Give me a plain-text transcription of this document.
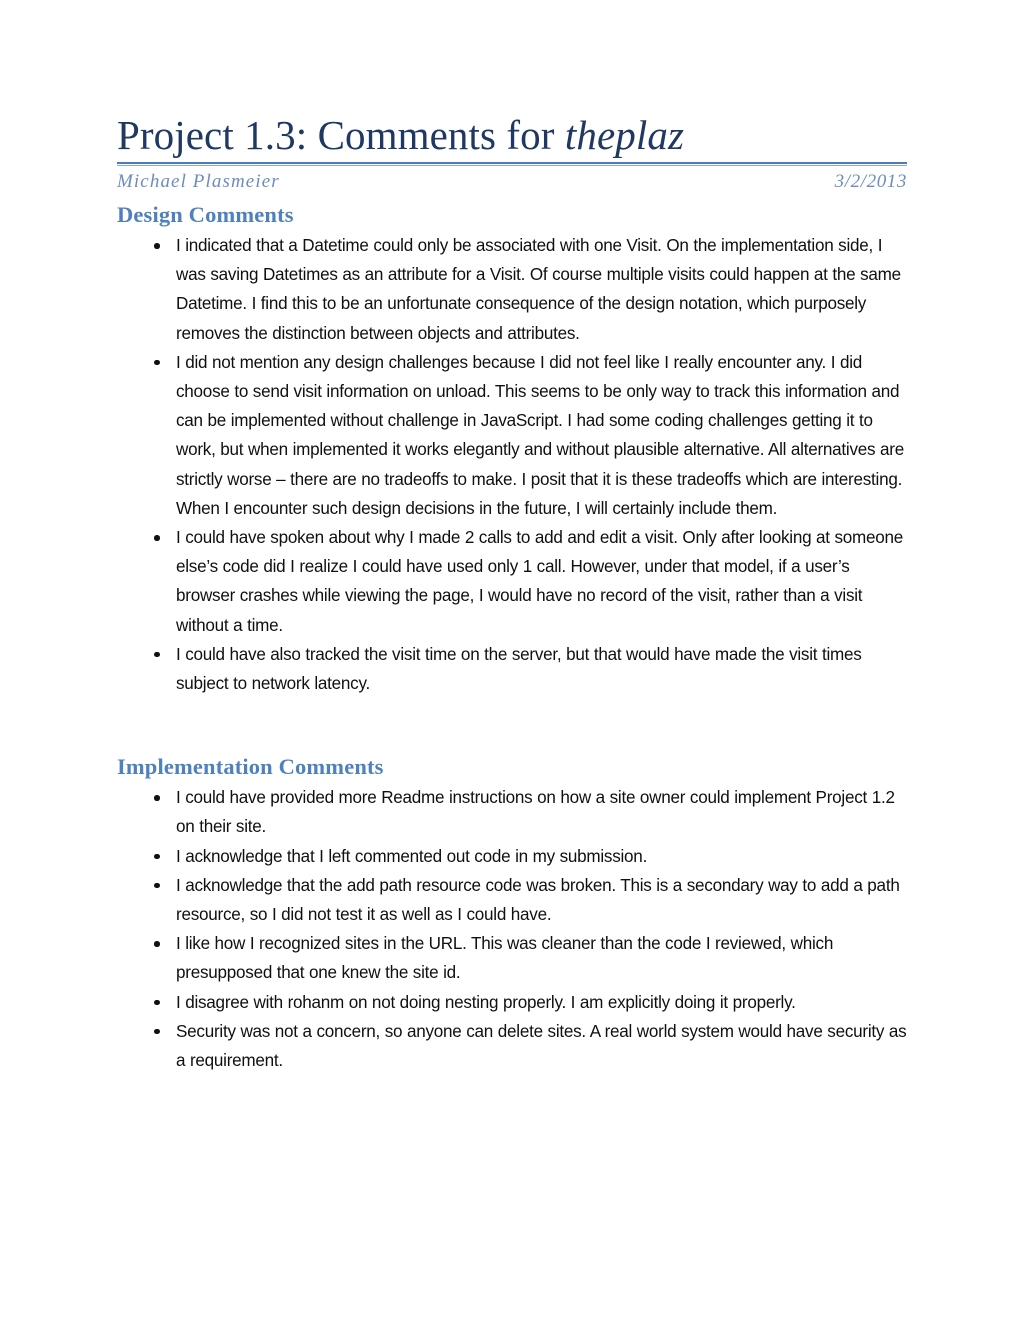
Project 1.3: Comments for theplaz
Michael Plasmeier	3/2/2013
Design Comments
I indicated that a Datetime could only be associated with one Visit. On the implementation side, I was saving Datetimes as an attribute for a Visit. Of course multiple visits could happen at the same Datetime. I find this to be an unfortunate consequence of the design notation, which purposely removes the distinction between objects and attributes.
I did not mention any design challenges because I did not feel like I really encounter any. I did choose to send visit information on unload. This seems to be only way to track this information and can be implemented without challenge in JavaScript. I had some coding challenges getting it to work, but when implemented it works elegantly and without plausible alternative. All alternatives are strictly worse – there are no tradeoffs to make. I posit that it is these tradeoffs which are interesting. When I encounter such design decisions in the future, I will certainly include them.
I could have spoken about why I made 2 calls to add and edit a visit. Only after looking at someone else’s code did I realize I could have used only 1 call. However, under that model, if a user’s browser crashes while viewing the page, I would have no record of the visit, rather than a visit without a time.
I could have also tracked the visit time on the server, but that would have made the visit times subject to network latency.
Implementation Comments
I could have provided more Readme instructions on how a site owner could implement Project 1.2 on their site.
I acknowledge that I left commented out code in my submission.
I acknowledge that the add path resource code was broken. This is a secondary way to add a path resource, so I did not test it as well as I could have.
I like how I recognized sites in the URL. This was cleaner than the code I reviewed, which presupposed that one knew the site id.
I disagree with rohanm on not doing nesting properly. I am explicitly doing it properly.
Security was not a concern, so anyone can delete sites. A real world system would have security as a requirement.
